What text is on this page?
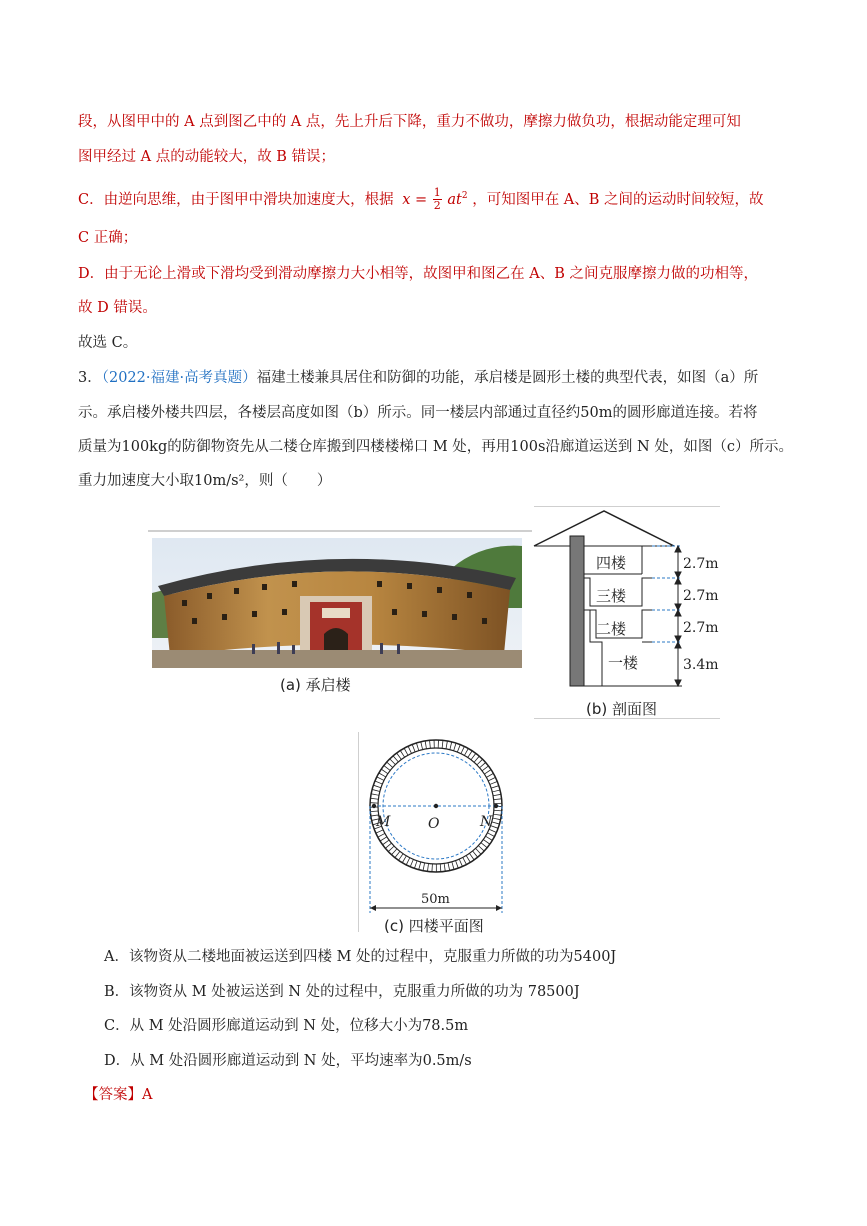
段，从图甲中的 A 点到图乙中的 A 点，先上升后下降，重力不做功，摩擦力做负功，根据动能定理可知
图甲经过 A 点的动能较大，故 B 错误；
C．由逆向思维，由于图甲中滑块加速度大，根据 $x = \frac{1}{2} at^2$ ，可知图甲在 A、B 之间的运动时间较短，故
C 正确；
D．由于无论上滑或下滑均受到滑动摩擦力大小相等，故图甲和图乙在 A、B 之间克服摩擦力做的功相等，
故 D 错误。
故选 C。
3．（2022·福建·高考真题）福建土楼兼具居住和防御的功能，承启楼是圆形土楼的典型代表，如图（a）所
示。承启楼外楼共四层，各楼层高度如图（b）所示。同一楼层内部通过直径约50m的圆形廊道连接。若将
质量为100kg的防御物资先从二楼仓库搬到四楼楼梯口 M 处，再用100s沿廊道运送到 N 处，如图（c）所示。
重力加速度大小取10m/s²，则（　　）
(a) 承启楼
四楼
三楼
二楼
一楼
2.7m
2.7m
2.7m
3.4m
(b) 剖面图
M	O	N
50m
(c) 四楼平面图
A．该物资从二楼地面被运送到四楼 M 处的过程中，克服重力所做的功为5400J
B．该物资从 M 处被运送到 N 处的过程中，克服重力所做的功为 78500J
C．从 M 处沿圆形廊道运动到 N 处，位移大小为78.5m
D．从 M 处沿圆形廊道运动到 N 处，平均速率为0.5m/s
【答案】A
